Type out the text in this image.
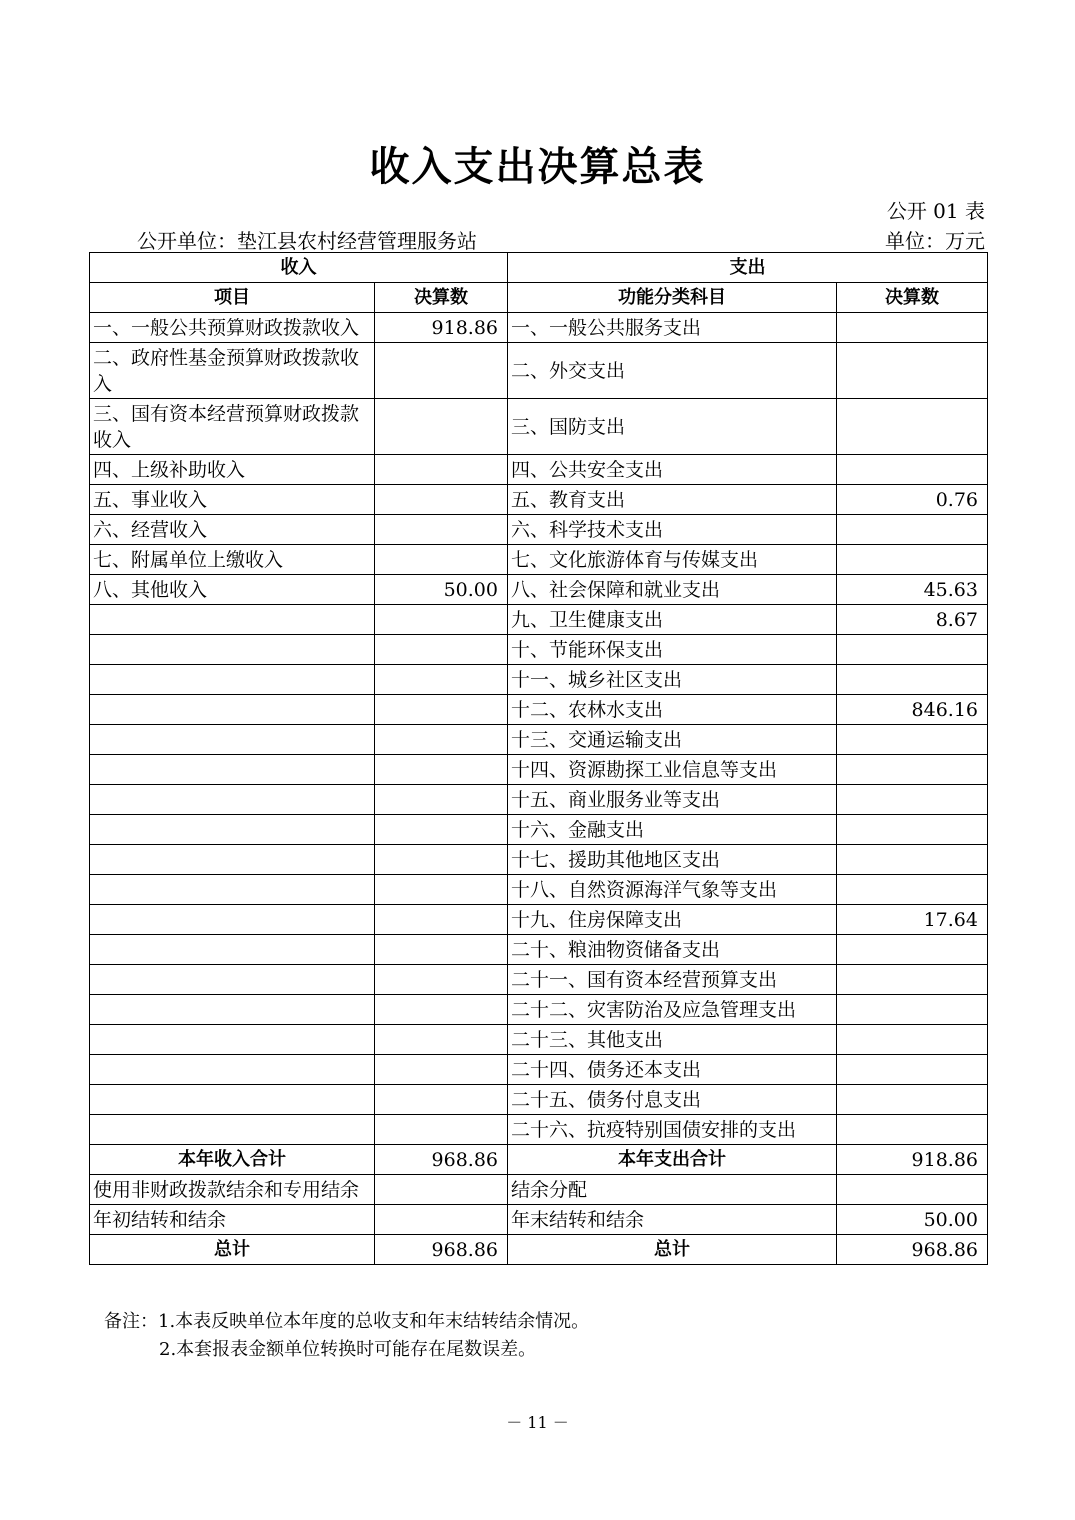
收入支出决算总表
公开 01 表
公开单位：垫江县农村经营管理服务站	单位：万元
收入		支出	
项目	决算数	功能分类科目	决算数
一、一般公共预算财政拨款收入	918.86	一、一般公共服务支出	
二、政府性基金预算财政拨款收入		二、外交支出	
三、国有资本经营预算财政拨款收入		三、国防支出	
四、上级补助收入		四、公共安全支出	
五、事业收入		五、教育支出	0.76
六、经营收入		六、科学技术支出	
七、附属单位上缴收入		七、文化旅游体育与传媒支出	
八、其他收入	50.00	八、社会保障和就业支出	45.63
		九、卫生健康支出	8.67
		十、节能环保支出	
		十一、城乡社区支出	
		十二、农林水支出	846.16
		十三、交通运输支出	
		十四、资源勘探工业信息等支出	
		十五、商业服务业等支出	
		十六、金融支出	
		十七、援助其他地区支出	
		十八、自然资源海洋气象等支出	
		十九、住房保障支出	17.64
		二十、粮油物资储备支出	
		二十一、国有资本经营预算支出	
		二十二、灾害防治及应急管理支出	
		二十三、其他支出	
		二十四、债务还本支出	
		二十五、债务付息支出	
		二十六、抗疫特别国债安排的支出	
本年收入合计	968.86	本年支出合计	918.86
使用非财政拨款结余和专用结余		结余分配	
年初结转和结余		年末结转和结余	50.00
总计	968.86	总计	968.86
备注：1.本表反映单位本年度的总收支和年末结转结余情况。
2.本套报表金额单位转换时可能存在尾数误差。
－ 11 －
